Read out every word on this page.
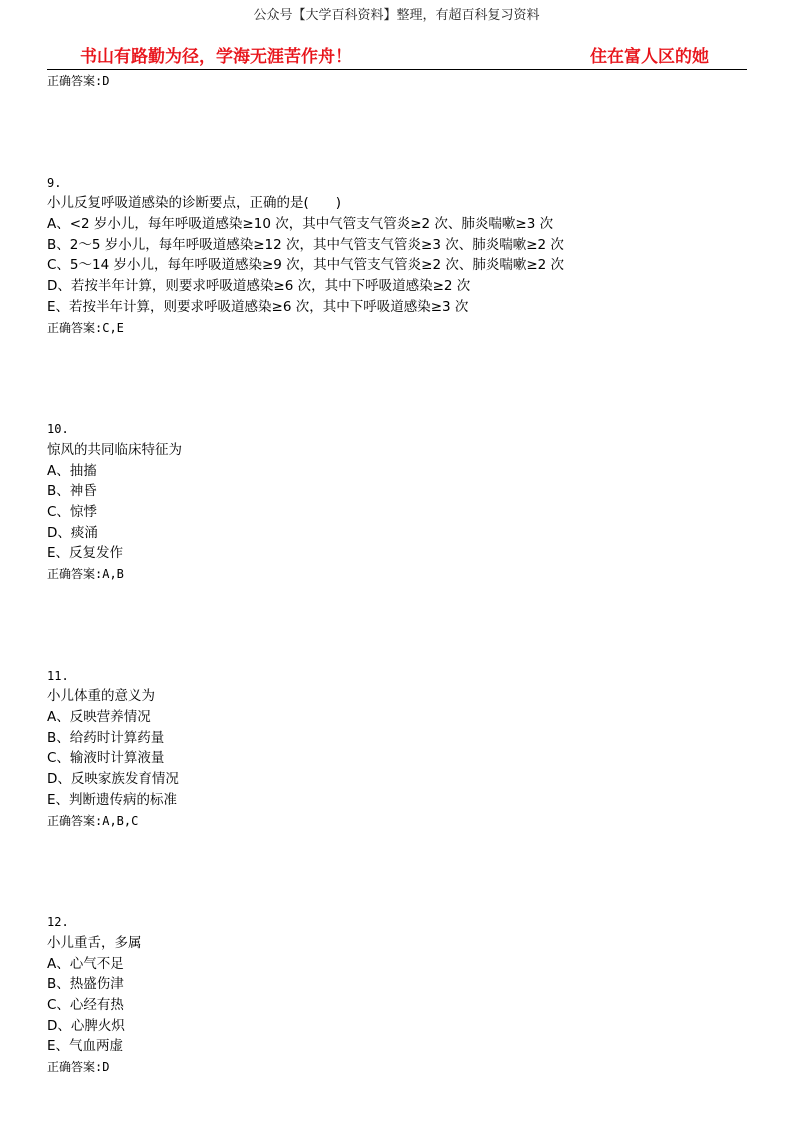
公众号【大学百科资料】整理，有超百科复习资料
书山有路勤为径，学海无涯苦作舟！	住在富人区的她
正确答案:D
9.
小儿反复呼吸道感染的诊断要点，正确的是(　　)
A、<2 岁小儿，每年呼吸道感染≥10 次，其中气管支气管炎≥2 次、肺炎喘嗽≥3 次
B、2～5 岁小儿，每年呼吸道感染≥12 次，其中气管支气管炎≥3 次、肺炎喘嗽≥2 次
C、5～14 岁小儿，每年呼吸道感染≥9 次，其中气管支气管炎≥2 次、肺炎喘嗽≥2 次
D、若按半年计算，则要求呼吸道感染≥6 次，其中下呼吸道感染≥2 次
E、若按半年计算，则要求呼吸道感染≥6 次，其中下呼吸道感染≥3 次
正确答案:C,E
10.
惊风的共同临床特征为
A、抽搐
B、神昏
C、惊悸
D、痰涌
E、反复发作
正确答案:A,B
11.
小儿体重的意义为
A、反映营养情况
B、给药时计算药量
C、输液时计算液量
D、反映家族发育情况
E、判断遗传病的标准
正确答案:A,B,C
12.
小儿重舌，多属
A、心气不足
B、热盛伤津
C、心经有热
D、心脾火炽
E、气血两虚
正确答案:D
